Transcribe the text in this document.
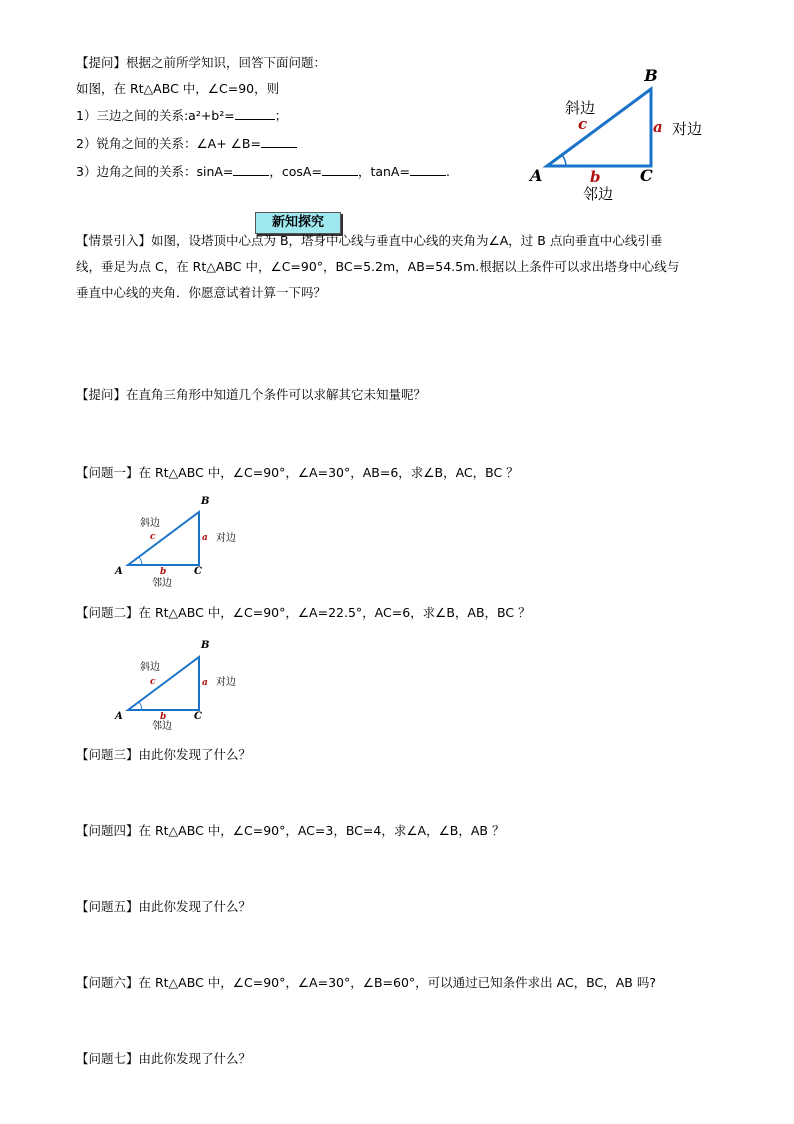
【提问】根据之前所学知识，回答下面问题：
如图，在 Rt△ABC 中，∠C=90，则
1）三边之间的关系:a²+b²=	；
2）锐角之间的关系：∠A+ ∠B=
3）边角之间的关系：sinA=	，cosA=	，tanA=	.
B
A	C
c	a
b
斜边
对边
邻边
新知探究
【情景引入】如图，设塔顶中心点为 B，塔身中心线与垂直中心线的夹角为∠A，过 B 点向垂直中心线引垂
线，垂足为点 C，在 Rt△ABC 中，∠C=90°，BC=5.2m，AB=54.5m.根据以上条件可以求出塔身中心线与
垂直中心线的夹角．你愿意试着计算一下吗？
【提问】在直角三角形中知道几个条件可以求解其它未知量呢？
【问题一】在 Rt△ABC 中，∠C=90°，∠A=30°，AB=6，求∠B，AC，BC ？
B
A	C
c	a
b
斜边
对边
邻边
【问题二】在 Rt△ABC 中，∠C=90°，∠A=22.5°，AC=6，求∠B，AB，BC ？
B
A	C
c	a
b
斜边
对边
邻边
【问题三】由此你发现了什么？
【问题四】在 Rt△ABC 中，∠C=90°，AC=3，BC=4，求∠A，∠B，AB ？
【问题五】由此你发现了什么？
【问题六】在 Rt△ABC 中，∠C=90°，∠A=30°，∠B=60°，可以通过已知条件求出 AC，BC，AB 吗?
【问题七】由此你发现了什么？
